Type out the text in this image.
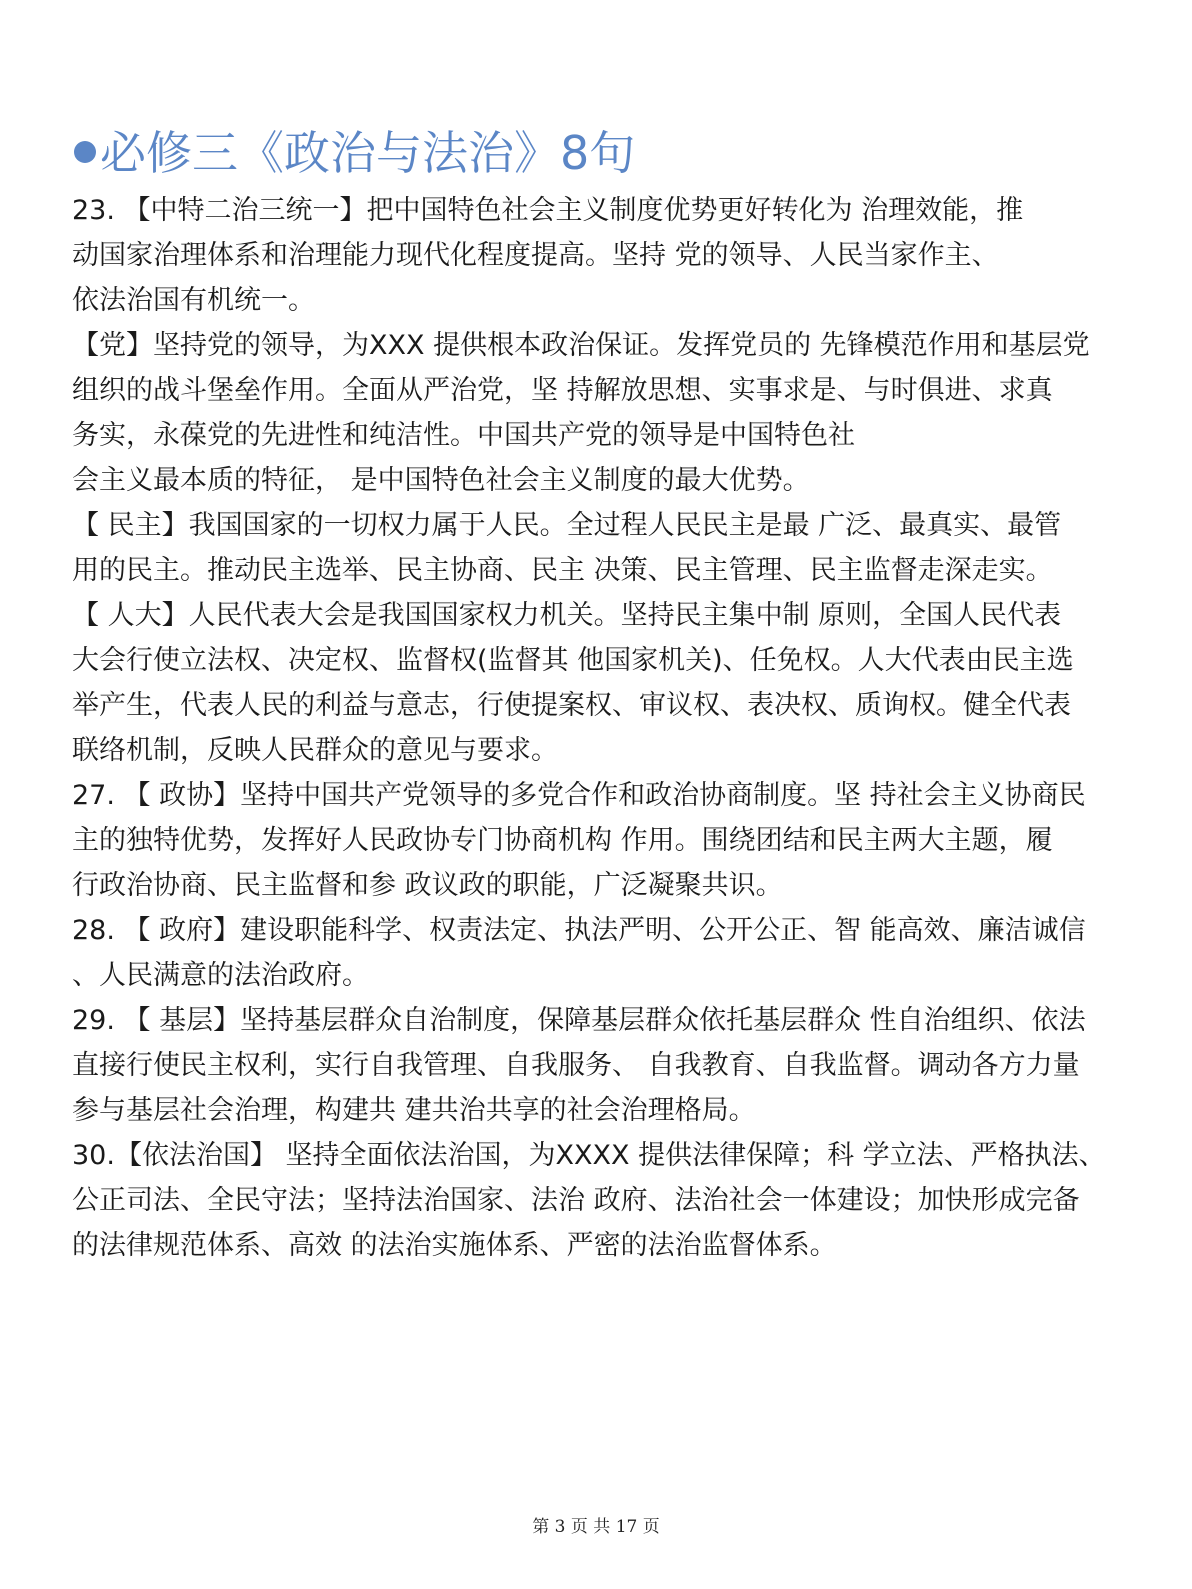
必修三《政治与法治》8句
23. 【中特二治三统一】把中国特色社会主义制度优势更好转化为 治理效能，推
动国家治理体系和治理能力现代化程度提高。坚持 党的领导、人民当家作主、
依法治国有机统一。
【党】坚持党的领导，为XXX 提供根本政治保证。发挥党员的 先锋模范作用和基层党
组织的战斗堡垒作用。全面从严治党，坚 持解放思想、实事求是、与时俱进、求真
务实，永葆党的先进性和纯洁性。中国共产党的领导是中国特色社
会主义最本质的特征， 是中国特色社会主义制度的最大优势。
【 民主】我国国家的一切权力属于人民。全过程人民民主是最 广泛、最真实、最管
用的民主。推动民主选举、民主协商、民主 决策、民主管理、民主监督走深走实。
【 人大】人民代表大会是我国国家权力机关。坚持民主集中制 原则，全国人民代表
大会行使立法权、决定权、监督权(监督其 他国家机关)、任免权。人大代表由民主选
举产生，代表人民的利益与意志，行使提案权、审议权、表决权、质询权。健全代表
联络机制，反映人民群众的意见与要求。
27. 【 政协】坚持中国共产党领导的多党合作和政治协商制度。坚 持社会主义协商民
主的独特优势，发挥好人民政协专门协商机构 作用。围绕团结和民主两大主题，履
行政治协商、民主监督和参 政议政的职能，广泛凝聚共识。
28. 【 政府】建设职能科学、权责法定、执法严明、公开公正、智 能高效、廉洁诚信
、人民满意的法治政府。
29. 【 基层】坚持基层群众自治制度，保障基层群众依托基层群众 性自治组织、依法
直接行使民主权利，实行自我管理、自我服务、 自我教育、自我监督。调动各方力量
参与基层社会治理，构建共 建共治共享的社会治理格局。
30.【依法治国】 坚持全面依法治国，为XXXX 提供法律保障；科 学立法、严格执法、
公正司法、全民守法；坚持法治国家、法治 政府、法治社会一体建设；加快形成完备
的法律规范体系、高效 的法治实施体系、严密的法治监督体系。
第 3 页 共 17 页
